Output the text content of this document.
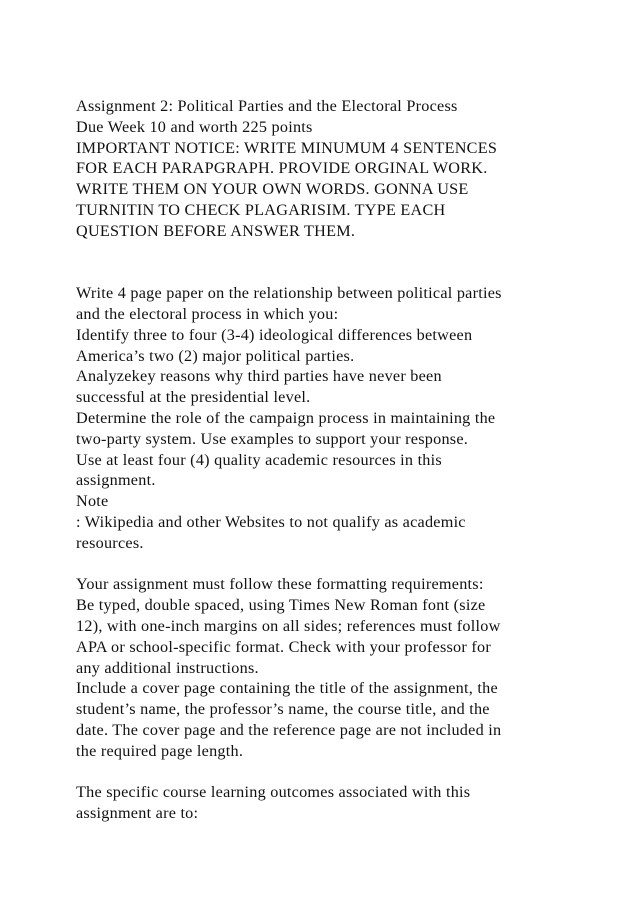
Assignment 2: Political Parties and the Electoral Process
Due Week 10 and worth 225 points
IMPORTANT NOTICE: WRITE MINUMUM 4 SENTENCES
FOR EACH PARAPGRAPH. PROVIDE ORGINAL WORK.
WRITE THEM ON YOUR OWN WORDS. GONNA USE
TURNITIN TO CHECK PLAGARISIM. TYPE EACH
QUESTION BEFORE ANSWER THEM.
Write 4 page paper on the relationship between political parties
and the electoral process in which you:
Identify three to four (3-4) ideological differences between
America’s two (2) major political parties.
Analyzekey reasons why third parties have never been
successful at the presidential level.
Determine the role of the campaign process in maintaining the
two-party system. Use examples to support your response.
Use at least four (4) quality academic resources in this
assignment.
Note
: Wikipedia and other Websites to not qualify as academic
resources.
Your assignment must follow these formatting requirements:
Be typed, double spaced, using Times New Roman font (size
12), with one-inch margins on all sides; references must follow
APA or school-specific format. Check with your professor for
any additional instructions.
Include a cover page containing the title of the assignment, the
student’s name, the professor’s name, the course title, and the
date. The cover page and the reference page are not included in
the required page length.
The specific course learning outcomes associated with this
assignment are to:
